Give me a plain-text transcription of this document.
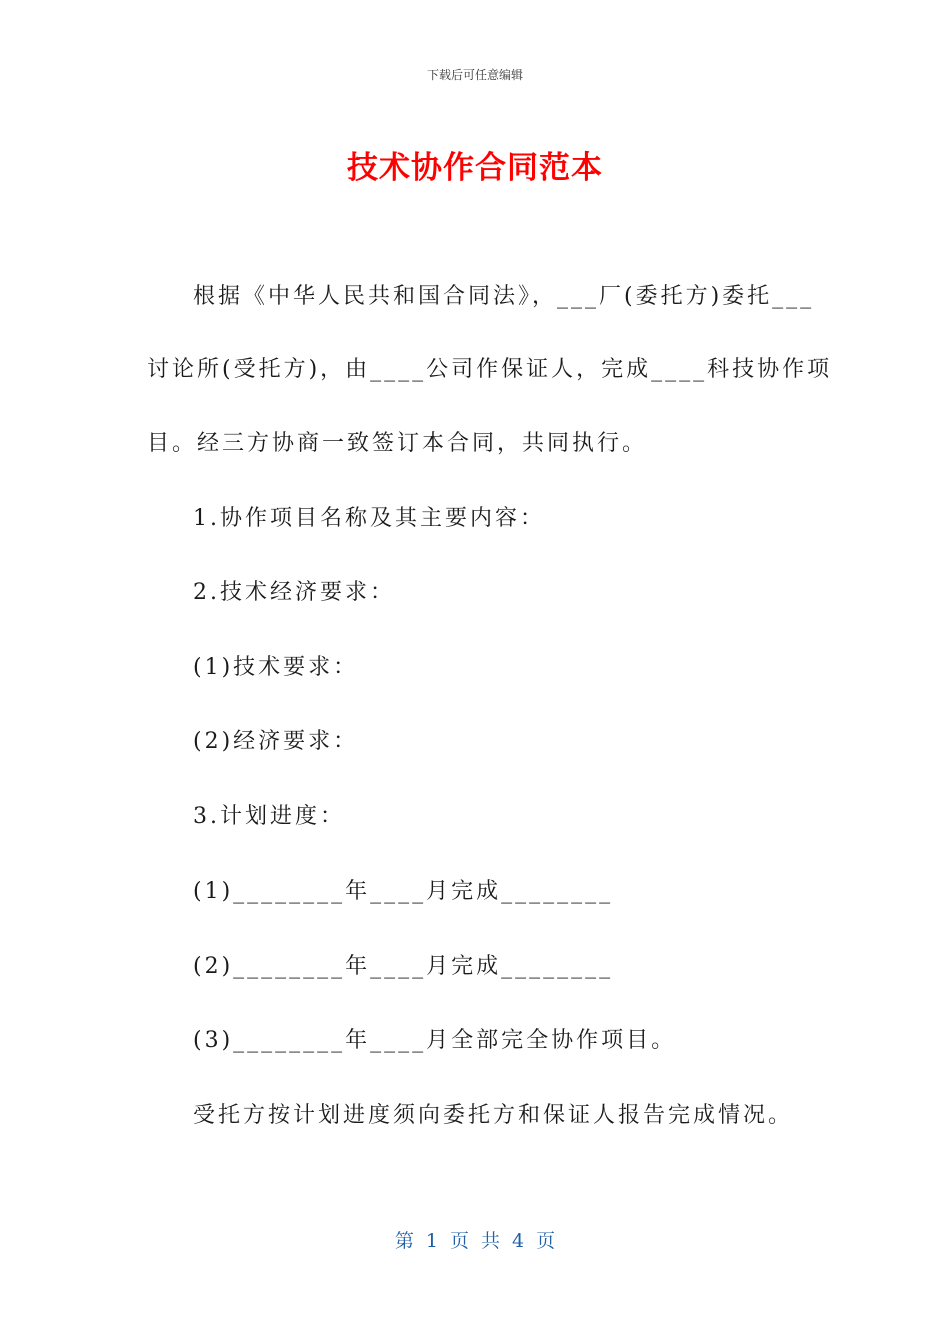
下载后可任意编辑
技术协作合同范本
根据《中华人民共和国合同法》，___厂(委托方)委托___
讨论所(受托方)，由____公司作保证人，完成____科技协作项
目。经三方协商一致签订本合同，共同执行。
1.协作项目名称及其主要内容：
2.技术经济要求：
(1)技术要求：
(2)经济要求：
3.计划进度：
(1)________年____月完成________
(2)________年____月完成________
(3)________年____月全部完全协作项目。
受托方按计划进度须向委托方和保证人报告完成情况。
第 1 页 共 4 页
